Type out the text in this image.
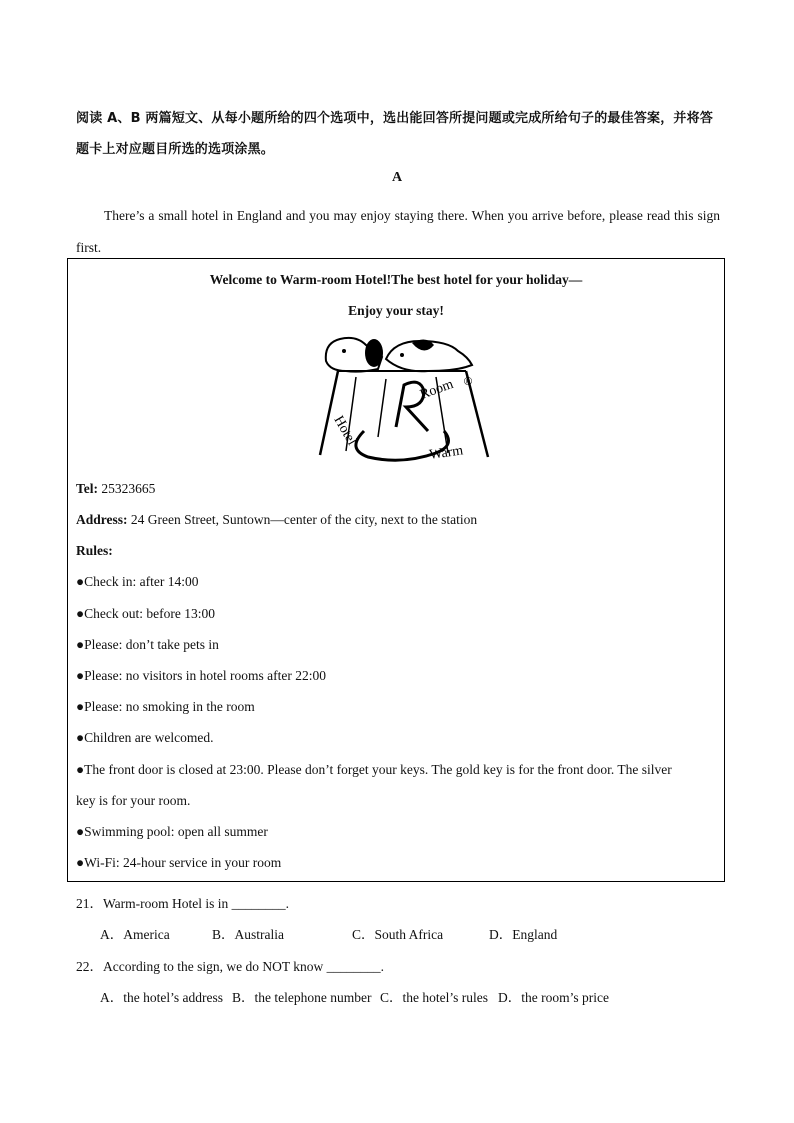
阅读 A、B 两篇短文、从每小题所给的四个选项中，选出能回答所提问题或完成所给句子的最佳答案，并将答题卡上对应题目所选的选项涂黑。
A
There’s a small hotel in England and you may enjoy staying there. When you arrive before, please read this sign first.
Welcome to Warm-room Hotel!The best hotel for your holiday—
Enjoy your stay!
Hotel
Room
Warm
®
Tel: 25323665
Address: 24 Green Street, Suntown—center of the city, next to the station
Rules:
●Check in: after 14:00
●Check out: before 13:00
●Please: don’t take pets in
●Please: no visitors in hotel rooms after 22:00
●Please: no smoking in the room
●Children are welcomed.
●The front door is closed at 23:00. Please don’t forget your keys. The gold key is for the front door. The silver
key is for your room.
●Swimming pool: open all summer
●Wi-Fi: 24-hour service in your room
21．Warm-room Hotel is in ________.
A．America	B．Australia	C．South Africa	D．England
22．According to the sign, we do NOT know ________.
A．the hotel’s address B．the telephone number C．the hotel’s rules D．the room’s price
